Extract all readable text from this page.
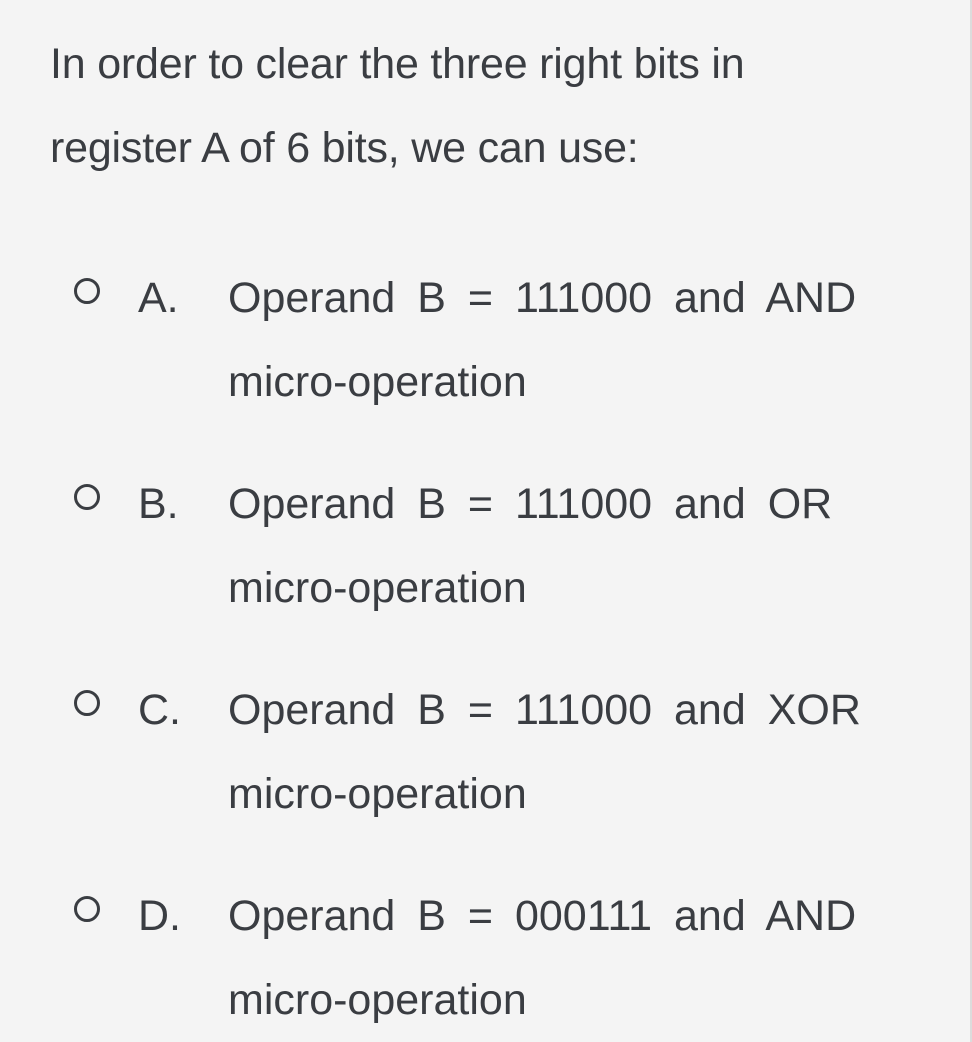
In order to clear the three right bits in
register A of 6 bits, we can use:
A. Operand B = 111000 and AND
micro-operation
B. Operand B = 111000 and OR
micro-operation
C. Operand B = 111000 and XOR
micro-operation
D. Operand B = 000111 and AND
micro-operation
